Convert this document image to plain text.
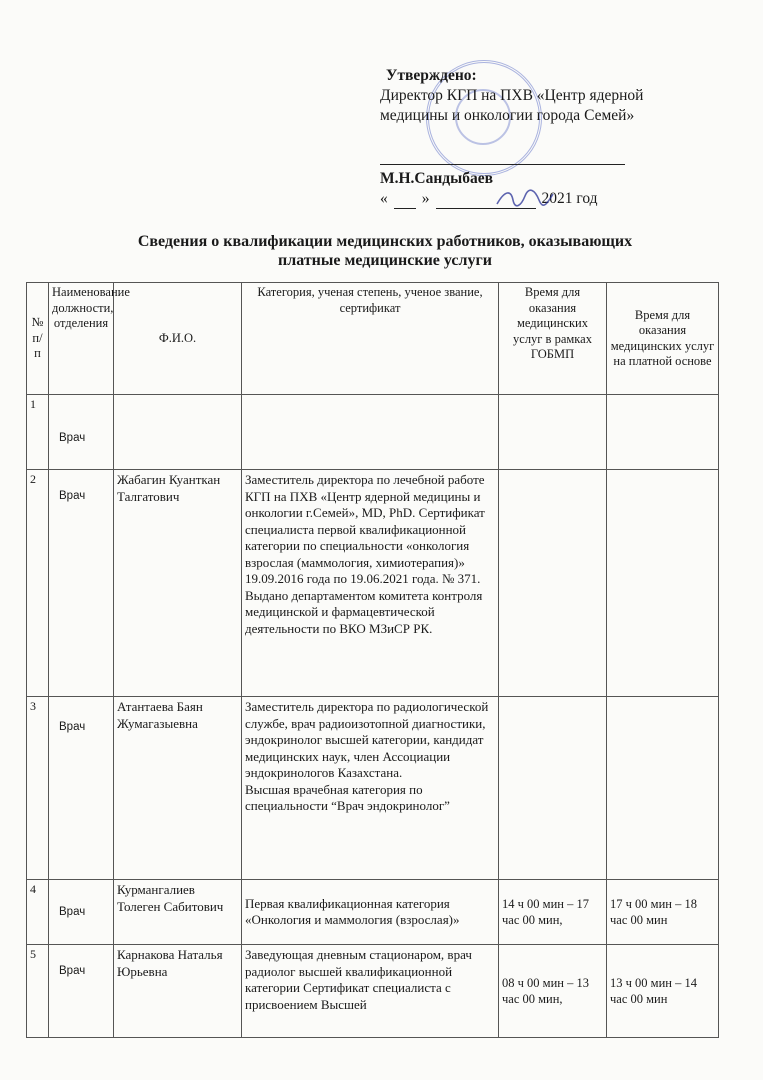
Утверждено:
Директор КГП на ПХВ «Центр ядерной
медицины и онкологии города Семей»
М.Н.Сандыбаев
« »	2021 год
Сведения о квалификации медицинских работников, оказывающих
платные медицинские услуги
№ п/п	Наименование должности, отделения	Ф.И.О.	Категория, ученая степень, ученое звание, сертификат	Время для оказания медицинских услуг в рамках ГОБМП	Время для оказания медицинских услуг на платной основе
1	Врач				
2	Врач	Жабагин Куанткан Талгатович	Заместитель директора по лечебной работе КГП на ПХВ «Центр ядерной медицины и онкологии г.Семей», MD, PhD. Сертификат специалиста первой квалификационной категории по специальности «онкология взрослая (маммология, химиотерапия)» 19.09.2016 года по 19.06.2021 года. № 371. Выдано департаментом комитета контроля медицинской и фармацевтической деятельности по ВКО МЗиСР РК.		
3	Врач	Атантаева Баян Жумагазыевна	Заместитель директора по радиологической службе, врач радиоизотопной диагностики, эндокринолог высшей категории, кандидат медицинских наук, член Ассоциации эндокринологов Казахстана.
Высшая врачебная категория по специальности “Врач эндокринолог”		

4	Врач	Курмангалиев Толеген Сабитович	Первая квалификационная категория «Онкология и маммология (взрослая)»	14 ч 00 мин – 17 час 00 мин,	17 ч 00 мин – 18 час 00 мин
5	Врач	Карнакова Наталья Юрьевна	Заведующая дневным стационаром, врач радиолог высшей квалификационной категории Сертификат специалиста с присвоением Высшей	08 ч 00 мин – 13 час 00 мин,	13 ч 00 мин – 14 час 00 мин
